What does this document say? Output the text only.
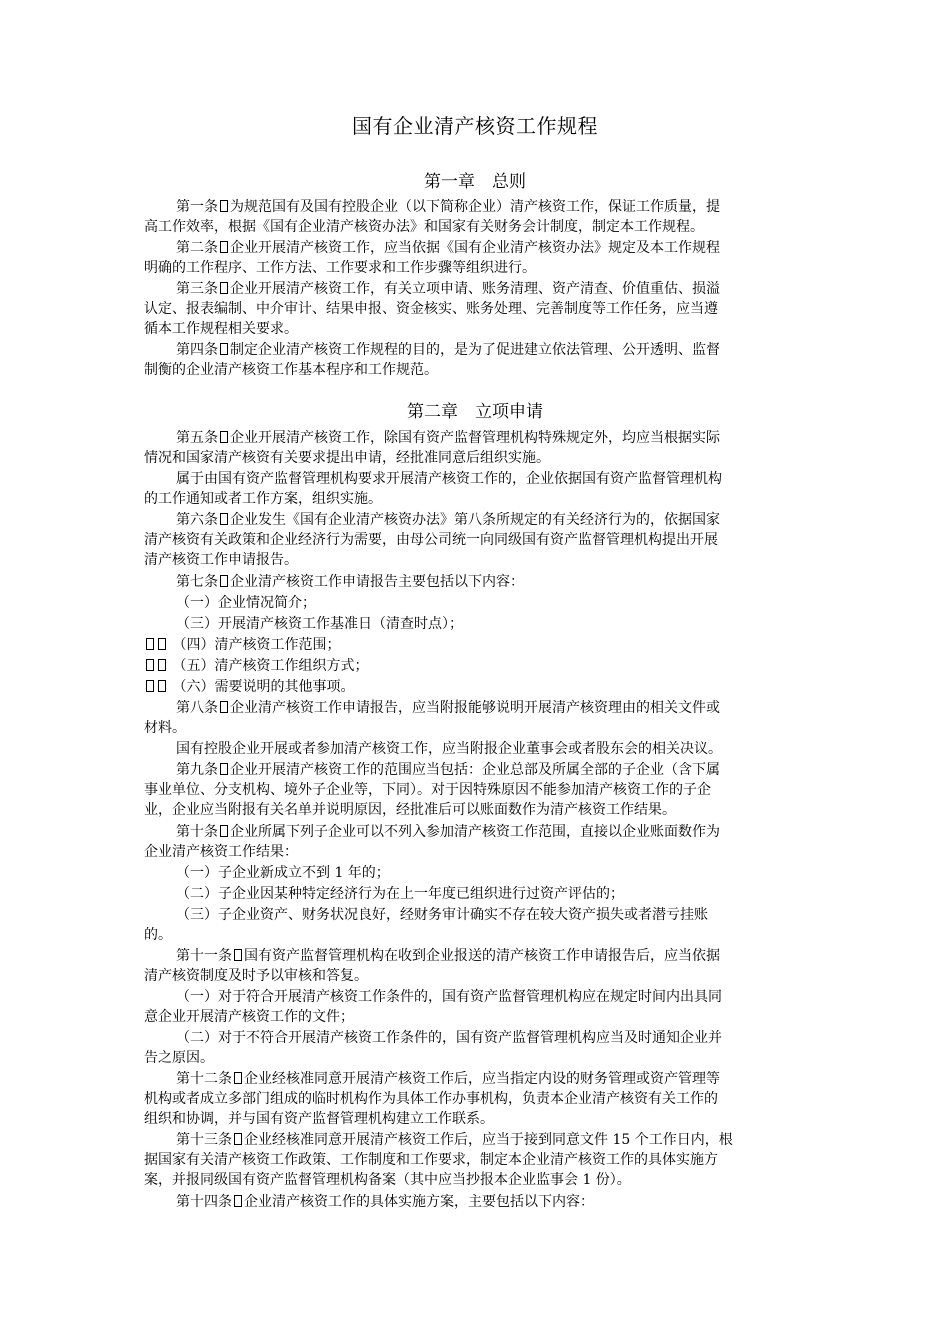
国有企业清产核资工作规程
第一章 总则
第一条 为规范国有及国有控股企业（以下简称企业）清产核资工作，保证工作质量，提
高工作效率，根据《国有企业清产核资办法》和国家有关财务会计制度，制定本工作规程。
第二条 企业开展清产核资工作，应当依据《国有企业清产核资办法》规定及本工作规程
明确的工作程序、工作方法、工作要求和工作步骤等组织进行。
第三条 企业开展清产核资工作，有关立项申请、账务清理、资产清查、价值重估、损溢
认定、报表编制、中介审计、结果申报、资金核实、账务处理、完善制度等工作任务，应当遵
循本工作规程相关要求。
第四条 制定企业清产核资工作规程的目的，是为了促进建立依法管理、公开透明、监督
制衡的企业清产核资工作基本程序和工作规范。
第二章 立项申请
第五条 企业开展清产核资工作，除国有资产监督管理机构特殊规定外，均应当根据实际
情况和国家清产核资有关要求提出申请，经批准同意后组织实施。
属于由国有资产监督管理机构要求开展清产核资工作的，企业依据国有资产监督管理机构
的工作通知或者工作方案，组织实施。
第六条 企业发生《国有企业清产核资办法》第八条所规定的有关经济行为的，依据国家
清产核资有关政策和企业经济行为需要，由母公司统一向同级国有资产监督管理机构提出开展
清产核资工作申请报告。
第七条 企业清产核资工作申请报告主要包括以下内容：
（一）企业情况简介；
（三）开展清产核资工作基准日（清查时点）；
（四）清产核资工作范围；
（五）清产核资工作组织方式；
（六）需要说明的其他事项。
第八条 企业清产核资工作申请报告，应当附报能够说明开展清产核资理由的相关文件或
材料。
国有控股企业开展或者参加清产核资工作，应当附报企业董事会或者股东会的相关决议。
第九条 企业开展清产核资工作的范围应当包括：企业总部及所属全部的子企业（含下属
事业单位、分支机构、境外子企业等，下同）。对于因特殊原因不能参加清产核资工作的子企
业，企业应当附报有关名单并说明原因，经批准后可以账面数作为清产核资工作结果。
第十条 企业所属下列子企业可以不列入参加清产核资工作范围，直接以企业账面数作为
企业清产核资工作结果：
（一）子企业新成立不到 1 年的；
（二）子企业因某种特定经济行为在上一年度已组织进行过资产评估的；
（三）子企业资产、财务状况良好，经财务审计确实不存在较大资产损失或者潜亏挂账
的。
第十一条 国有资产监督管理机构在收到企业报送的清产核资工作申请报告后，应当依据
清产核资制度及时予以审核和答复。
（一）对于符合开展清产核资工作条件的，国有资产监督管理机构应在规定时间内出具同
意企业开展清产核资工作的文件；
（二）对于不符合开展清产核资工作条件的，国有资产监督管理机构应当及时通知企业并
告之原因。
第十二条 企业经核准同意开展清产核资工作后，应当指定内设的财务管理或资产管理等
机构或者成立多部门组成的临时机构作为具体工作办事机构，负责本企业清产核资有关工作的
组织和协调，并与国有资产监督管理机构建立工作联系。
第十三条 企业经核准同意开展清产核资工作后，应当于接到同意文件 15 个工作日内，根
据国家有关清产核资工作政策、工作制度和工作要求，制定本企业清产核资工作的具体实施方
案，并报同级国有资产监督管理机构备案（其中应当抄报本企业监事会 1 份）。
第十四条 企业清产核资工作的具体实施方案，主要包括以下内容：
